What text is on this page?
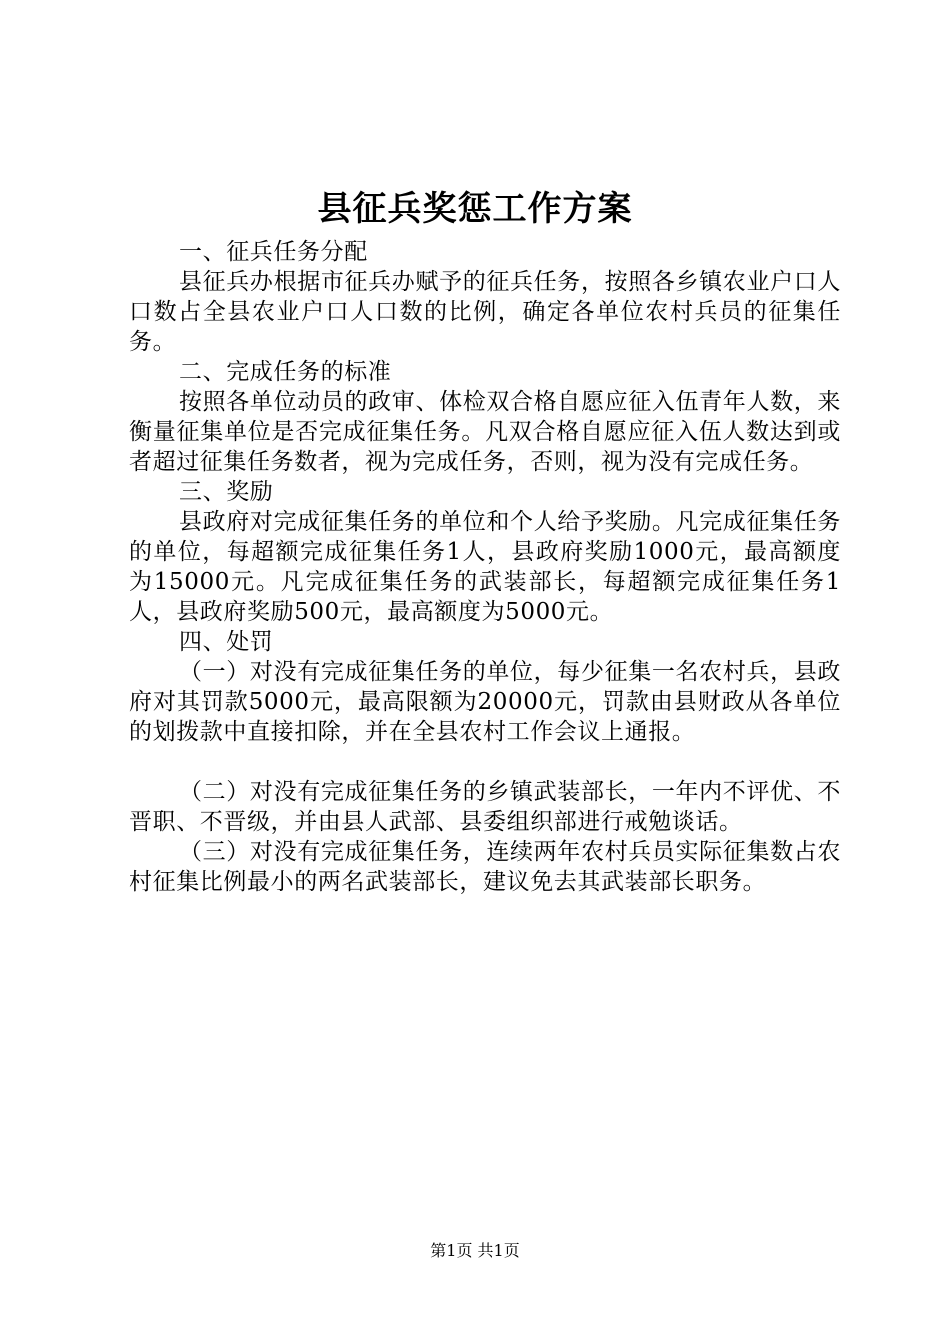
县征兵奖惩工作方案

一、征兵任务分配

县征兵办根据市征兵办赋予的征兵任务，按照各乡镇农业户口人口数占全县农业户口人口数的比例，确定各单位农村兵员的征集任务。

二、完成任务的标准

按照各单位动员的政审、体检双合格自愿应征入伍青年人数，来衡量征集单位是否完成征集任务。凡双合格自愿应征入伍人数达到或者超过征集任务数者，视为完成任务，否则，视为没有完成任务。

三、奖励

县政府对完成征集任务的单位和个人给予奖励。凡完成征集任务的单位，每超额完成征集任务1人，县政府奖励1000元，最高额度为15000元。凡完成征集任务的武装部长，每超额完成征集任务1人，县政府奖励500元，最高额度为5000元。

四、处罚

（一）对没有完成征集任务的单位，每少征集一名农村兵，县政府对其罚款5000元，最高限额为20000元，罚款由县财政从各单位的划拨款中直接扣除，并在全县农村工作会议上通报。

（二）对没有完成征集任务的乡镇武装部长，一年内不评优、不晋职、不晋级，并由县人武部、县委组织部进行戒勉谈话。

（三）对没有完成征集任务，连续两年农村兵员实际征集数占农村征集比例最小的两名武装部长，建议免去其武装部长职务。

第1页 共1页
